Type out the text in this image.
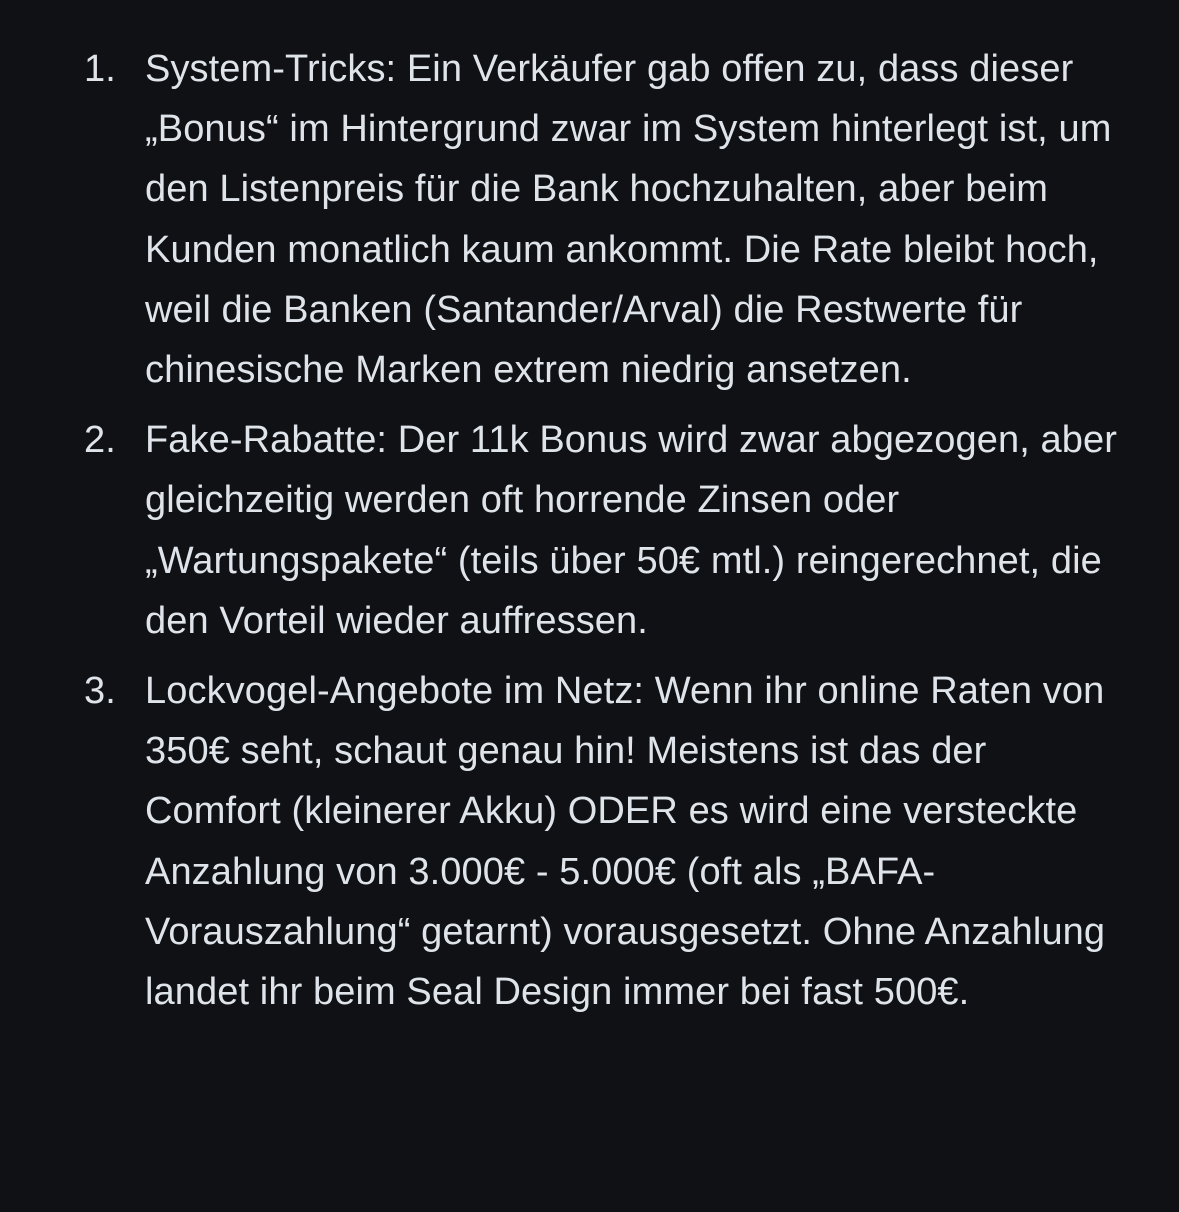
1. System-Tricks: Ein Verkäufer gab offen zu, dass dieser „Bonus“ im Hintergrund zwar im System hinterlegt ist, um den Listenpreis für die Bank hochzuhalten, aber beim Kunden monatlich kaum ankommt. Die Rate bleibt hoch, weil die Banken (Santander/Arval) die Restwerte für chinesische Marken extrem niedrig ansetzen.
2. Fake-Rabatte: Der 11k Bonus wird zwar abgezogen, aber gleichzeitig werden oft horrende Zinsen oder „Wartungspakete“ (teils über 50€ mtl.) reingerechnet, die den Vorteil wieder auffressen.
3. Lockvogel-Angebote im Netz: Wenn ihr online Raten von 350€ seht, schaut genau hin! Meistens ist das der Comfort (kleinerer Akku) ODER es wird eine versteckte Anzahlung von 3.000€ - 5.000€ (oft als „BAFA-Vorauszahlung“ getarnt) vorausgesetzt. Ohne Anzahlung landet ihr beim Seal Design immer bei fast 500€.
